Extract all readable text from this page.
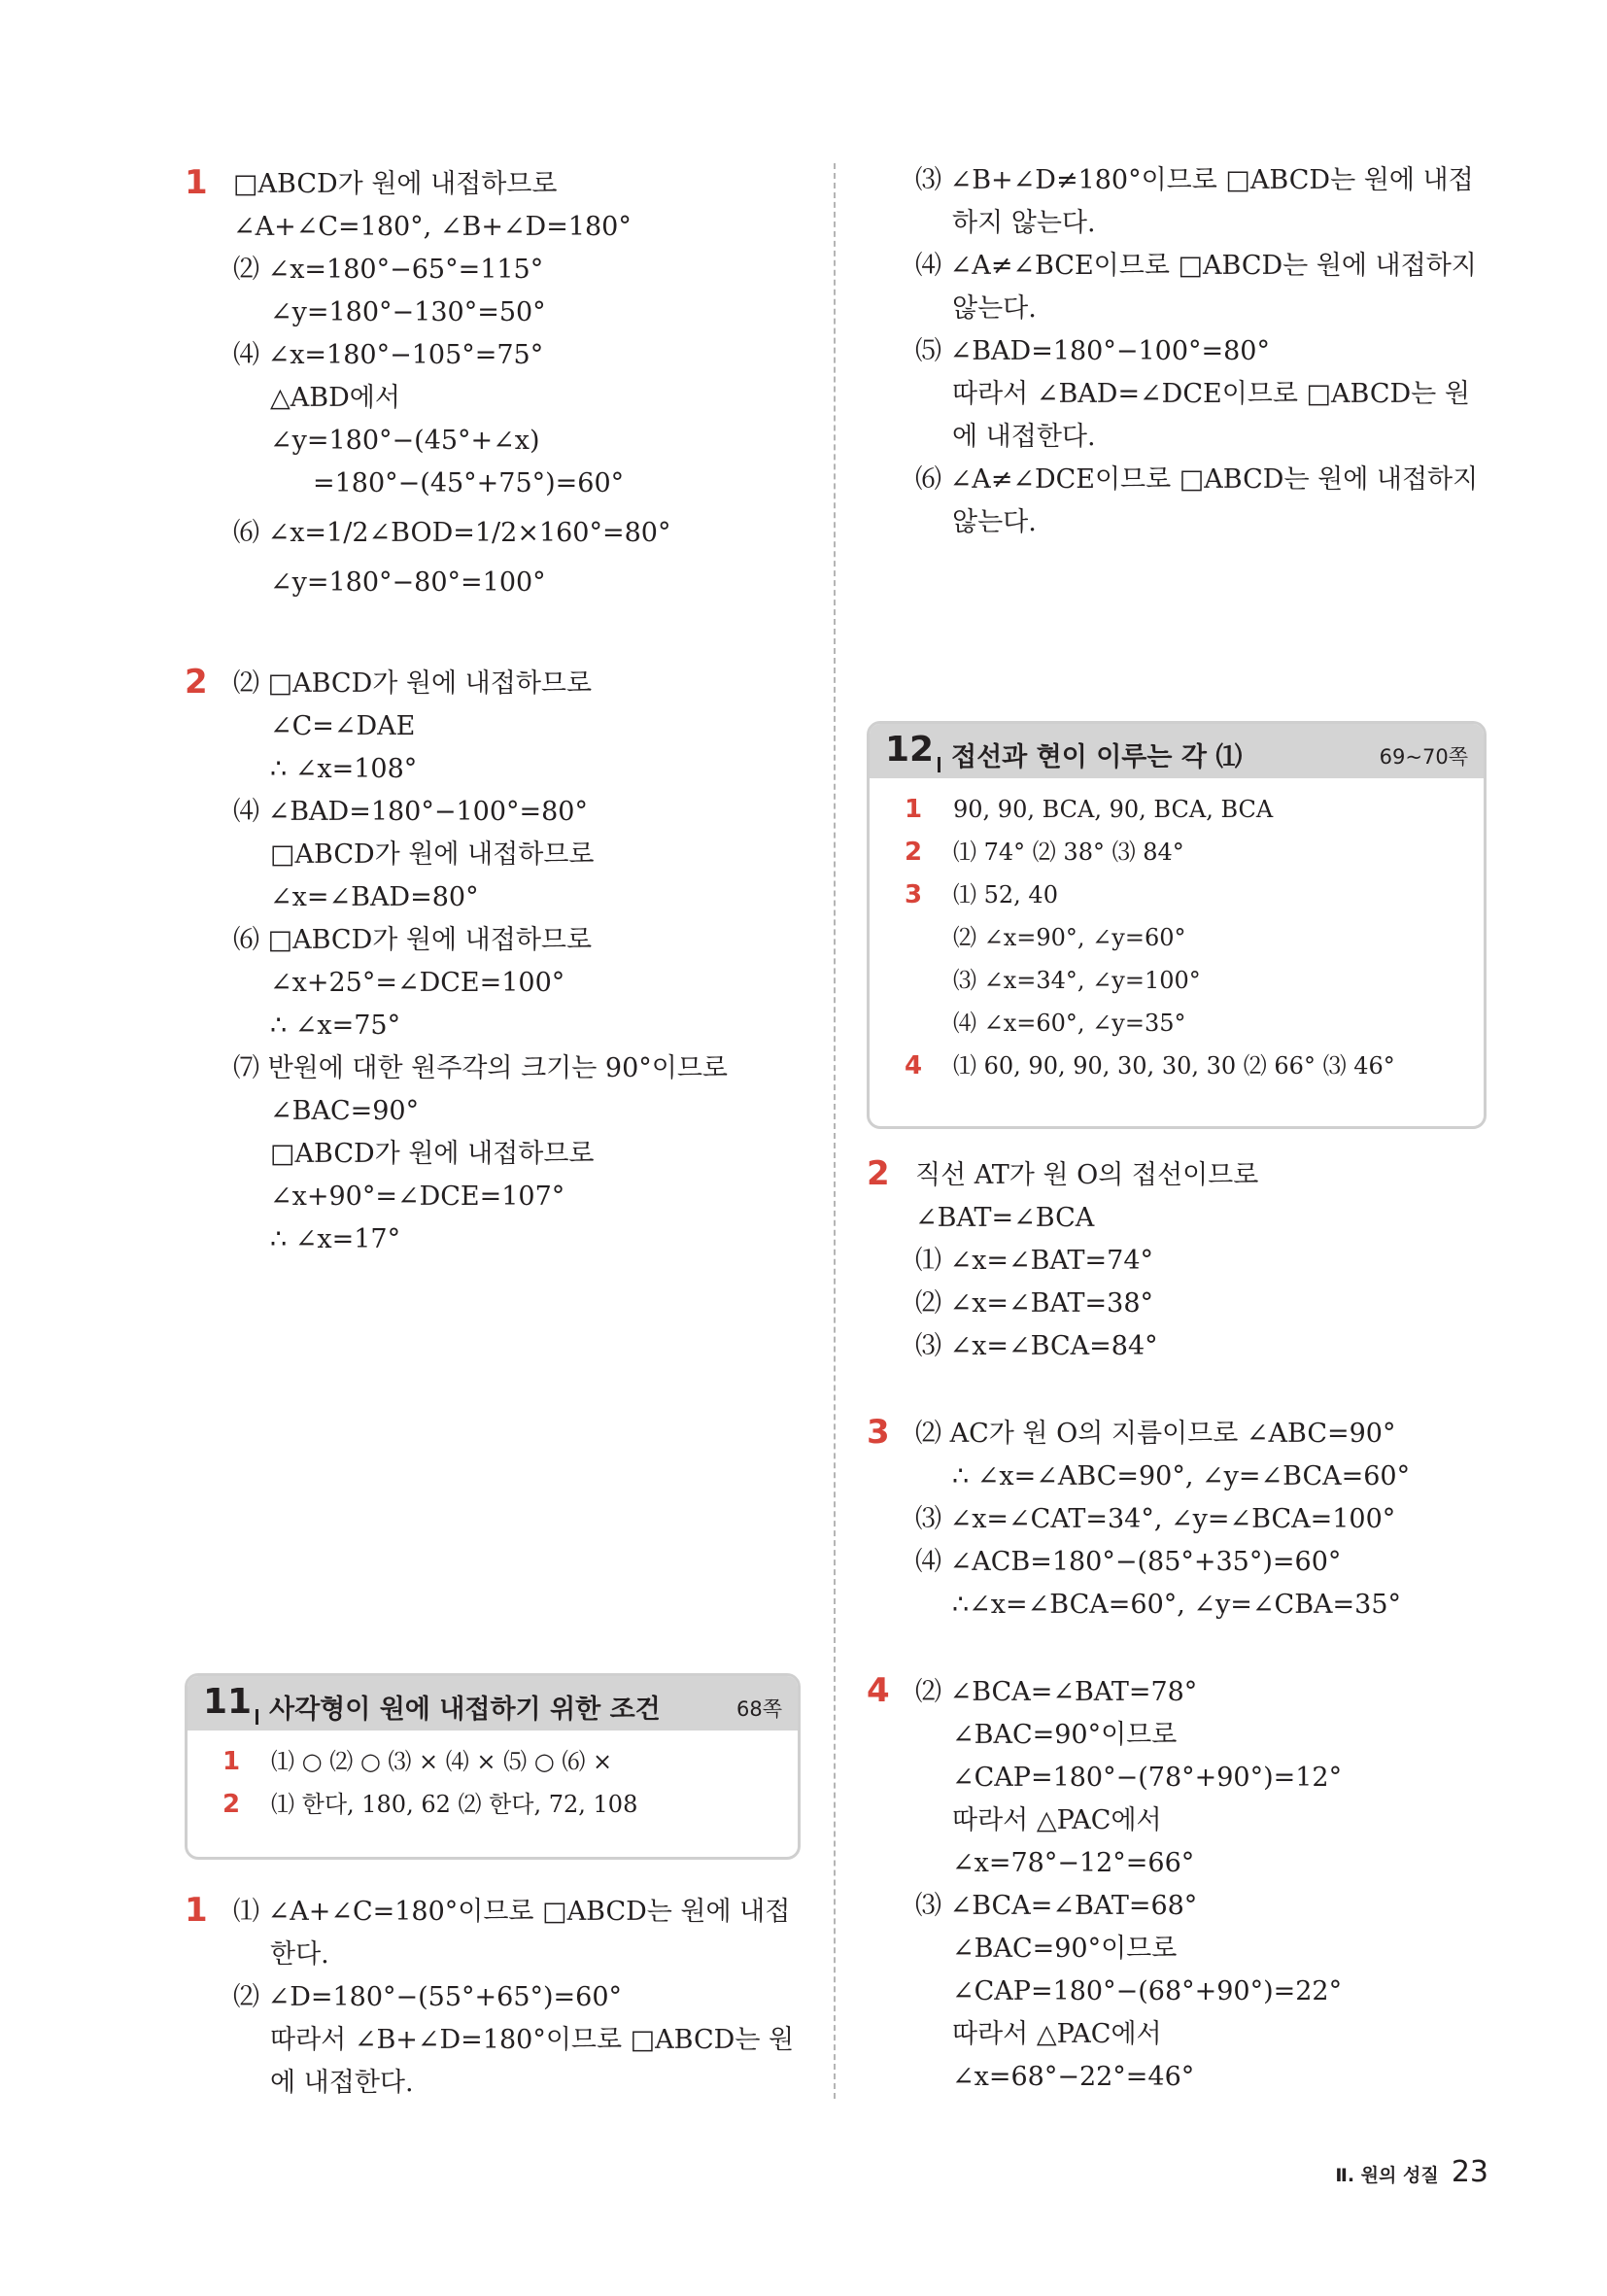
1 □ABCD가 원에 내접하므로
∠A+∠C=180°, ∠B+∠D=180°
⑵ ∠x=180°−65°=115°
∠y=180°−130°=50°
⑷ ∠x=180°−105°=75°
△ABD에서
∠y=180°−(45°+∠x)
=180°−(45°+75°)=60°
⑹ ∠x=1/2∠BOD=1/2×160°=80°
∠y=180°−80°=100°
2 ⑵ □ABCD가 원에 내접하므로
∠C=∠DAE
∴ ∠x=108°
⑷ ∠BAD=180°−100°=80°
□ABCD가 원에 내접하므로
∠x=∠BAD=80°
⑹ □ABCD가 원에 내접하므로
∠x+25°=∠DCE=100°
∴ ∠x=75°
⑺ 반원에 대한 원주각의 크기는 90°이므로
∠BAC=90°
□ABCD가 원에 내접하므로
∠x+90°=∠DCE=107°
∴ ∠x=17°
11 사각형이 원에 내접하기 위한 조건	68쪽
1 ⑴ ○ ⑵ ○ ⑶ × ⑷ × ⑸ ○ ⑹ ×
2 ⑴ 한다, 180, 62 ⑵ 한다, 72, 108
1 ⑴ ∠A+∠C=180°이므로 □ABCD는 원에 내접
한다.
⑵ ∠D=180°−(55°+65°)=60°
따라서 ∠B+∠D=180°이므로 □ABCD는 원
에 내접한다.
⑶ ∠B+∠D≠180°이므로 □ABCD는 원에 내접
하지 않는다.
⑷ ∠A≠∠BCE이므로 □ABCD는 원에 내접하지
않는다.
⑸ ∠BAD=180°−100°=80°
따라서 ∠BAD=∠DCE이므로 □ABCD는 원
에 내접한다.
⑹ ∠A≠∠DCE이므로 □ABCD는 원에 내접하지
않는다.
12 접선과 현이 이루는 각 ⑴	69~70쪽
1 90, 90, BCA, 90, BCA, BCA
2 ⑴ 74° ⑵ 38° ⑶ 84°
3 ⑴ 52, 40
⑵ ∠x=90°, ∠y=60°
⑶ ∠x=34°, ∠y=100°
⑷ ∠x=60°, ∠y=35°
4 ⑴ 60, 90, 90, 30, 30, 30 ⑵ 66° ⑶ 46°
2 직선 AT가 원 O의 접선이므로
∠BAT=∠BCA
⑴ ∠x=∠BAT=74°
⑵ ∠x=∠BAT=38°
⑶ ∠x=∠BCA=84°
3 ⑵ AC가 원 O의 지름이므로 ∠ABC=90°
∴ ∠x=∠ABC=90°, ∠y=∠BCA=60°
⑶ ∠x=∠CAT=34°, ∠y=∠BCA=100°
⑷ ∠ACB=180°−(85°+35°)=60°
∴∠x=∠BCA=60°, ∠y=∠CBA=35°
4 ⑵ ∠BCA=∠BAT=78°
∠BAC=90°이므로
∠CAP=180°−(78°+90°)=12°
따라서 △PAC에서
∠x=78°−12°=66°
⑶ ∠BCA=∠BAT=68°
∠BAC=90°이므로
∠CAP=180°−(68°+90°)=22°
따라서 △PAC에서
∠x=68°−22°=46°
Ⅱ. 원의 성질 23
